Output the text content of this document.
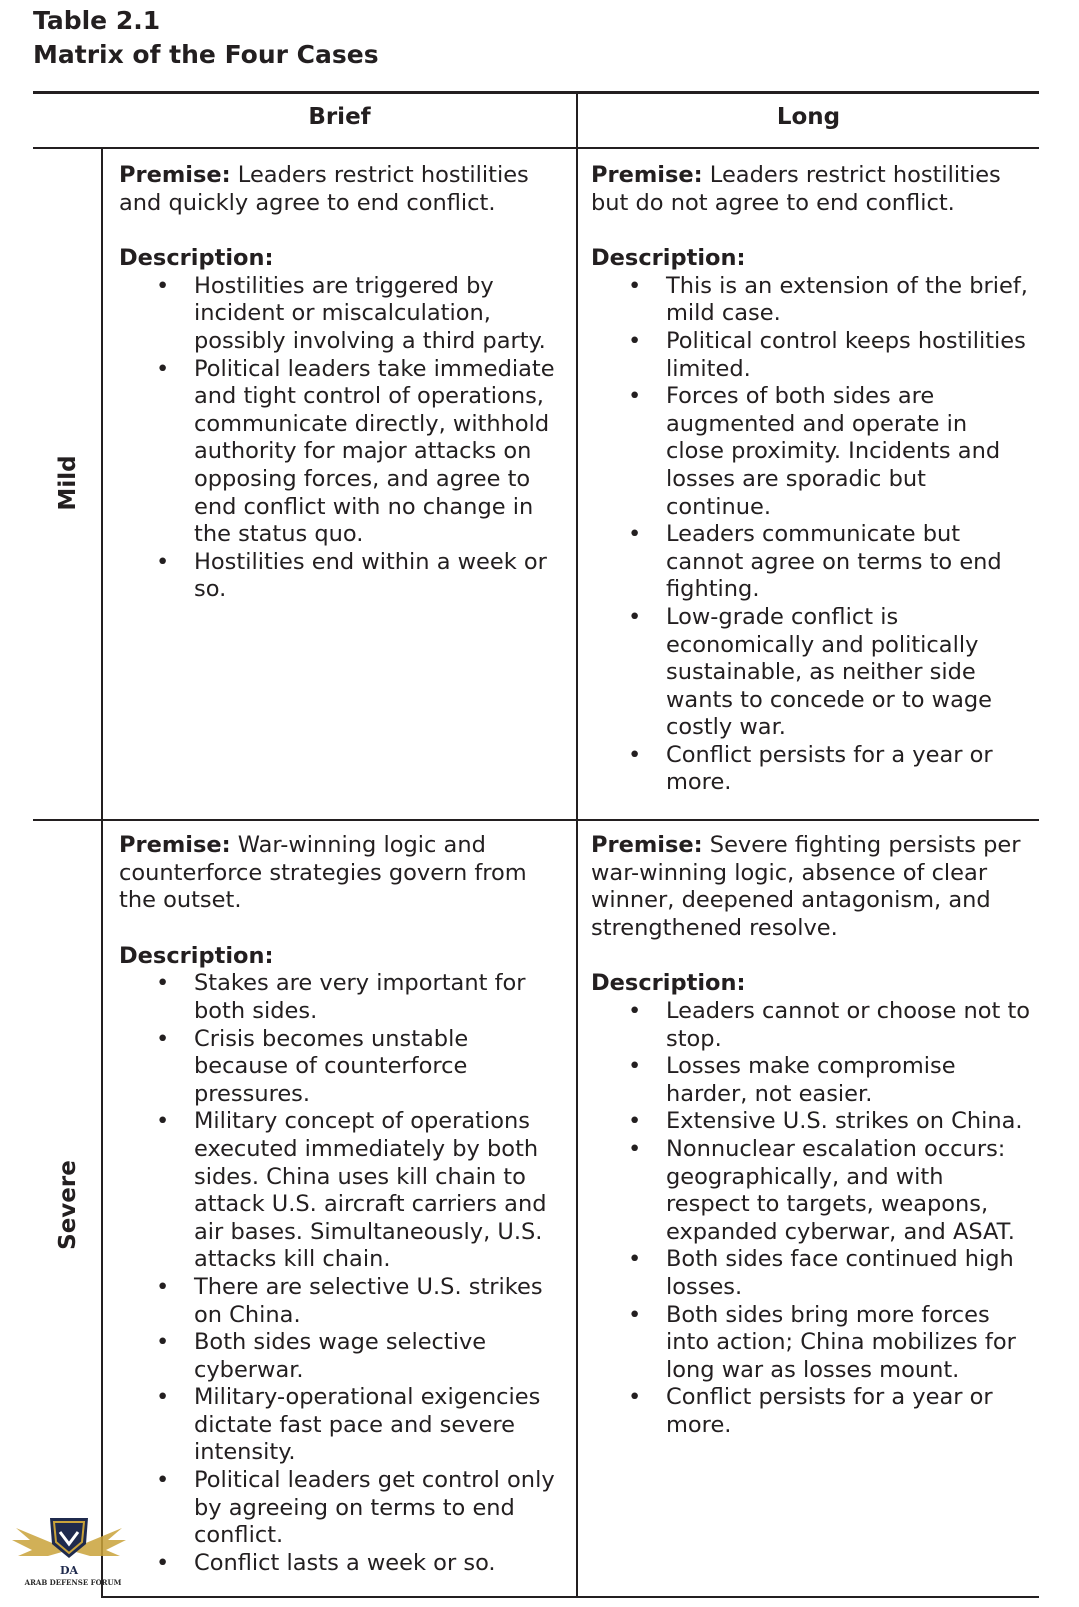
Table 2.1
Matrix of the Four Cases
Brief	Long
Mild
Severe

Premise: Leaders restrict hostilities and quickly agree to end conflict.

Description:
• Hostilities are triggered by incident or miscalculation, possibly involving a third party.
• Political leaders take immediate and tight control of operations, communicate directly, withhold authority for major attacks on opposing forces, and agree to end conflict with no change in the status quo.
• Hostilities end within a week or so.

Premise: Leaders restrict hostilities but do not agree to end conflict.

Description:
• This is an extension of the brief, mild case.
• Political control keeps hostilities limited.
• Forces of both sides are augmented and operate in close proximity. Incidents and losses are sporadic but continue.
• Leaders communicate but cannot agree on terms to end fighting.
• Low-grade conflict is economically and politically sustainable, as neither side wants to concede or to wage costly war.
• Conflict persists for a year or more.

Premise: War-winning logic and counterforce strategies govern from the outset.

Description:
• Stakes are very important for both sides.
• Crisis becomes unstable because of counterforce pressures.
• Military concept of operations executed immediately by both sides. China uses kill chain to attack U.S. aircraft carriers and air bases. Simultaneously, U.S. attacks kill chain.
• There are selective U.S. strikes on China.
• Both sides wage selective cyberwar.
• Military-operational exigencies dictate fast pace and severe intensity.
• Political leaders get control only by agreeing on terms to end conflict.
• Conflict lasts a week or so.

Premise: Severe fighting persists per war-winning logic, absence of clear winner, deepened antagonism, and strengthened resolve.

Description:
• Leaders cannot or choose not to stop.
• Losses make compromise harder, not easier.
• Extensive U.S. strikes on China.
• Nonnuclear escalation occurs: geographically, and with respect to targets, weapons, expanded cyberwar, and ASAT.
• Both sides face continued high losses.
• Both sides bring more forces into action; China mobilizes for long war as losses mount.
• Conflict persists for a year or more.
DA
ARAB DEFENSE FORUM
